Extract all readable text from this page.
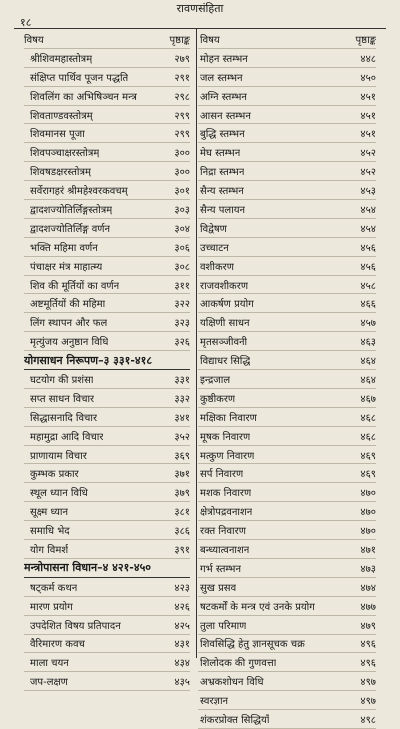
रावणसंहिता
विषय	पृष्ठाङ्क
श्रीशिवमहास्तोत्रम्	२७९
संक्षिप्त पार्थिव पूजन पद्धति	२९१
शिवलिंग का अभिषिञ्चन मन्त्र	२९८
शिवताण्डवस्तोत्रम्	२९९
शिवमानस पूजा	२९९
शिवपञ्चाक्षरस्तोत्रम्	३००
शिवषडक्षरस्तोत्रम्	३००
सर्वेरागहरं श्रीमहेश्वरकवचम्	३०१
द्वादशज्योतिर्लिङ्गस्तोत्रम्	३०३
द्वादशज्योतिर्लिङ्ग वर्णन	३०४
भक्ति महिमा वर्णन	३०६
पंचाक्षर मंत्र माहात्म्य	३०८
शिव की मूर्तियों का वर्णन	३११
अष्टमूर्तियों की महिमा	३२२
लिंग स्थापन और फल	३२३
मृत्युंजय अनुष्ठान विधि	३२६
योगसाधन निरूपण–३ ३३१-४१८
घटयोग की प्रशंसा	३३१
सप्त साधन विचार	३३२
सिद्धासनादि विचार	३४१
महामुद्रा आदि विचार	३५२
प्राणायाम विचार	३६९
कुम्भक प्रकार	३७१
स्थूल ध्यान विधि	३७९
सूक्ष्म ध्यान	३८१
समाधि भेद	३८६
योग विमर्श	३९१
मन्त्रोपासना विधान–४ ४२१-४५०
षट्कर्म कथन	४२३
मारण प्रयोग	४२६
उपदेशित विषय प्रतिपादन	४२५
वैरिमारण कवच	४३१
माला चयन	४३४
जप-लक्षण	४३५
विषय	पृष्ठाङ्क
मोहन स्तम्भन	४४८
जल स्तम्भन	४५०
अग्नि स्तम्भन	४५१
आसन स्तम्भन	४५१
बुद्धि स्तम्भन	४५१
मेघ स्तम्भन	४५२
निद्रा स्तम्भन	४५२
सैन्य स्तम्भन	४५३
सैन्य पलायन	४५४
विद्वेषण	४५४
उच्चाटन	४५६
वशीकरण	४५६
राजवशीकरण	४५८
आकर्षण प्रयोग	४६६
यक्षिणी साधन	४५७
मृतसञ्जीवनी	४६३
विद्याधर सिद्धि	४६४
इन्द्रजाल	४६४
कुष्ठीकरण	४६७
मक्षिका निवारण	४६८
मूषक निवारण	४६८
मत्कुण निवारण	४६९
सर्प निवारण	४६९
मशक निवारण	४७०
क्षेत्रोपद्रवनाशन	४७०
रक्त निवारण	४७०
बन्ध्यात्वनाशन	४७१
गर्भ स्तम्भन	४७३
सुख प्रसव	४७४
षटकर्मों के मन्त्र एवं उनके प्रयोग	४७७
तुला परिमाण	४७९
शिवसिद्धि हेतु ज्ञानसूचक चक्र	४९६
शिलोदक की गुणवत्ता	४९६
अभ्रकशोधन विधि	४९७
स्वरज्ञान	४९७
शंकरप्रोक्त सिद्धियाँ	४९८
१८
